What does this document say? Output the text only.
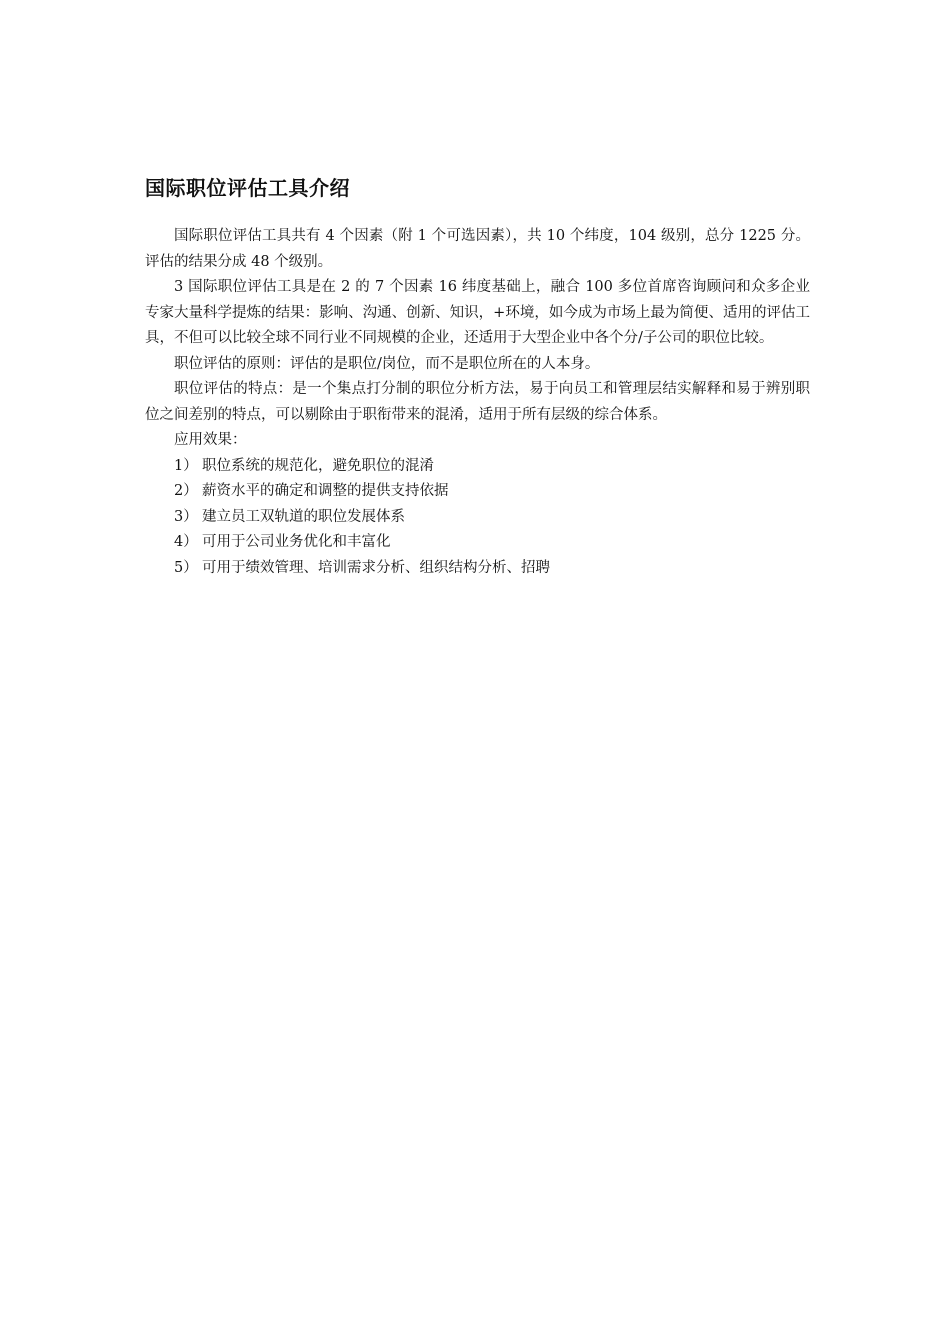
国际职位评估工具介绍

国际职位评估工具共有 4 个因素（附 1 个可选因素），共 10 个纬度，104 级别，总分 1225 分。评估的结果分成 48 个级别。

3 国际职位评估工具是在 2 的 7 个因素 16 纬度基础上，融合 100 多位首席咨询顾问和众多企业专家大量科学提炼的结果：影响、沟通、创新、知识，+环境，如今成为市场上最为简便、适用的评估工具，不但可以比较全球不同行业不同规模的企业，还适用于大型企业中各个分/子公司的职位比较。

职位评估的原则：评估的是职位/岗位，而不是职位所在的人本身。

职位评估的特点：是一个集点打分制的职位分析方法，易于向员工和管理层结实解释和易于辨别职位之间差别的特点，可以剔除由于职衔带来的混淆，适用于所有层级的综合体系。

应用效果：

1） 职位系统的规范化，避免职位的混淆
2） 薪资水平的确定和调整的提供支持依据
3） 建立员工双轨道的职位发展体系
4） 可用于公司业务优化和丰富化
5） 可用于绩效管理、培训需求分析、组织结构分析、招聘
